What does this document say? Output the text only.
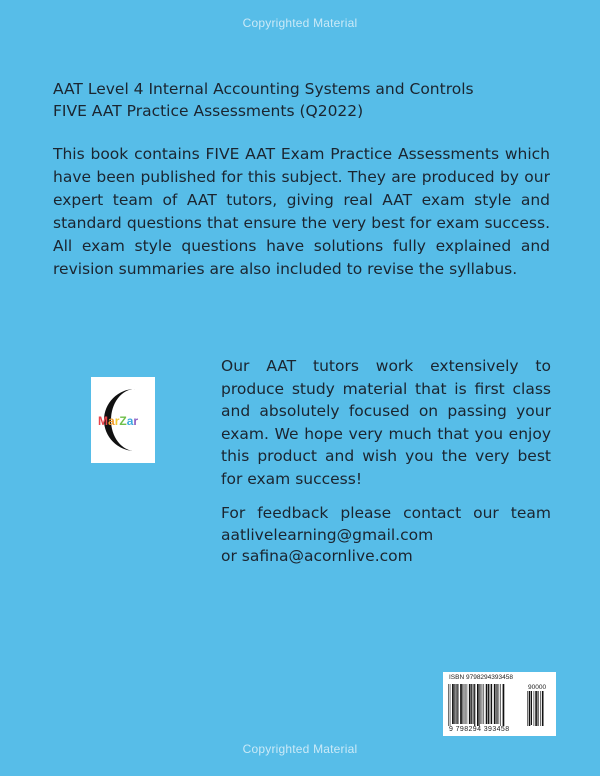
Copyrighted Material
AAT Level 4 Internal Accounting Systems and Controls
FIVE AAT Practice Assessments (Q2022)

This book contains FIVE AAT Exam Practice Assessments which have been published for this subject. They are produced by our expert team of AAT tutors, giving real AAT exam style and standard questions that ensure the very best for exam success. All exam style questions have solutions fully explained and revision summaries are also included to revise the syllabus.

MarZar

Our AAT tutors work extensively to produce study material that is first class and absolutely focused on passing your exam. We hope very much that you enjoy this product and wish you the very best for exam success!

For feedback please contact our team
aatlivelearning@gmail.com
or safina@acornlive.com
ISBN 9798294393458
90000
9 798294 393458
Copyrighted Material
